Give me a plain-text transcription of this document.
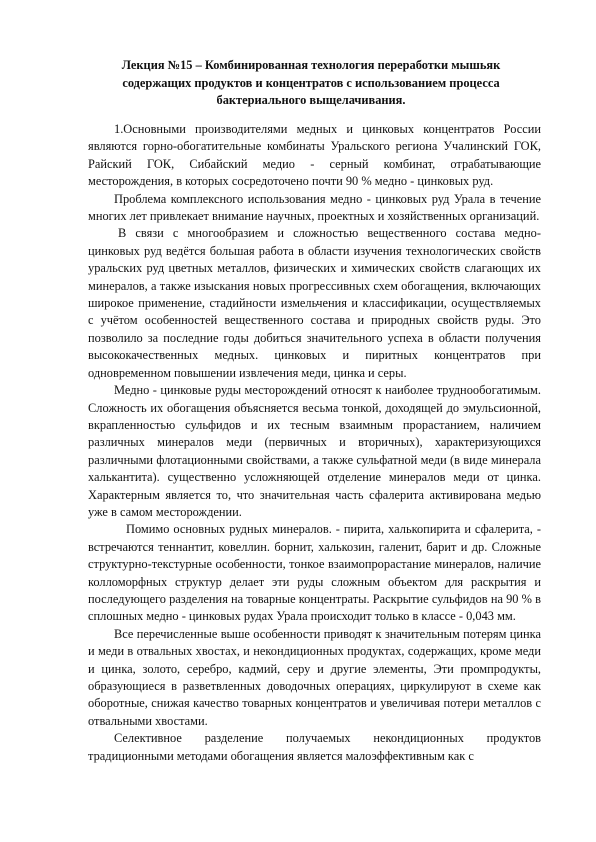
Лекция №15 – Комбинированная технология переработки мышьяк содержащих продуктов и концентратов с использованием процесса бактериального выщелачивания.

1.Основными производителями медных и цинковых концентратов России являются горно-обогатительные комбинаты Уральского региона Учалинский ГОК, Райский ГОК, Сибайский медио - серный комбинат, отрабатывающие месторождения, в которых сосредоточено почти 90 % медно - цинковых руд.

Проблема комплексного использования медно - цинковых руд Урала в течение многих лет привлекает внимание научных, проектных и хозяйственных организаций.

В связи с многообразием и сложностью вещественного состава медно-цинковых руд ведётся большая работа в области изучения технологических свойств уральских руд цветных металлов, физических и химических свойств слагающих их минералов, а также изыскания новых прогрессивных схем обогащения, включающих широкое применение, стадийности измельчения и классификации, осуществляемых с учётом особенностей вещественного состава и природных свойств руды. Это позволило за последние годы добиться значительного успеха в области получения высококачественных медных. цинковых и пиритных концентратов при одновременном повышении извлечения меди, цинка и серы.

Медно - цинковые руды месторождений относят к наиболее труднообогатимым. Сложность их обогащения объясняется весьма тонкой, доходящей до эмульсионной, вкрапленностью сульфидов и их тесным взаимным прорастанием, наличием различных минералов меди (первичных и вторичных), характеризующихся различными флотационными свойствами, а также сульфатной меди (в виде минерала халькантита). существенно усложняющей отделение минералов меди от цинка. Характерным является то, что значительная часть сфалерита активирована медью уже в самом месторождении.

Помимо основных рудных минералов. - пирита, халькопирита и сфалерита, - встречаются теннантит, ковеллин. борнит, халькозин, галенит, барит и др. Сложные структурно-текстурные особенности, тонкое взаимопрорастание минералов, наличие колломорфных структур делает эти руды сложным объектом для раскрытия и последующего разделения на товарные концентраты. Раскрытие сульфидов на 90 % в сплошных медно - цинковых рудах Урала происходит только в классе - 0,043 мм.

Все перечисленные выше особенности приводят к значительным потерям цинка и меди в отвальных хвостах, и некондиционных продуктах, содержащих, кроме меди и цинка, золото, серебро, кадмий, серу и другие элементы, Эти промпродукты, образующиеся в разветвленных доводочных операциях, циркулируют в схеме как оборотные, снижая качество товарных концентратов и увеличивая потери металлов с отвальными хвостами.

Селективное разделение получаемых некондиционных продуктов традиционными методами обогащения является малоэффективным как с
